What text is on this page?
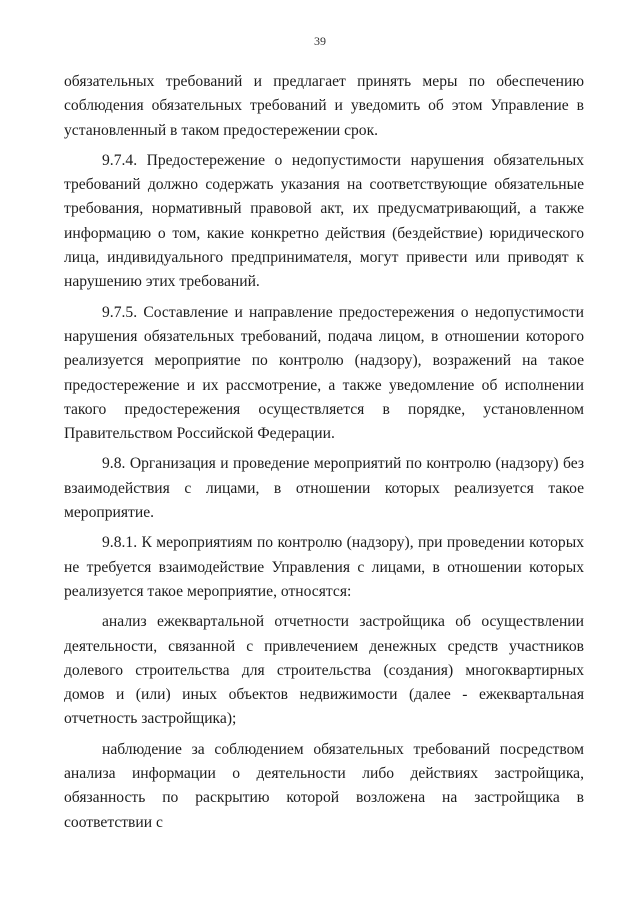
39

обязательных требований и предлагает принять меры по обеспечению соблюдения обязательных требований и уведомить об этом Управление в установленный в таком предостережении срок.

9.7.4. Предостережение о недопустимости нарушения обязательных требований должно содержать указания на соответствующие обязательные требования, нормативный правовой акт, их предусматривающий, а также информацию о том, какие конкретно действия (бездействие) юридического лица, индивидуального предпринимателя, могут привести или приводят к нарушению этих требований.

9.7.5. Составление и направление предостережения о недопустимости нарушения обязательных требований, подача лицом, в отношении которого реализуется мероприятие по контролю (надзору), возражений на такое предостережение и их рассмотрение, а также уведомление об исполнении такого предостережения осуществляется в порядке, установленном Правительством Российской Федерации.

9.8. Организация и проведение мероприятий по контролю (надзору) без взаимодействия с лицами, в отношении которых реализуется такое мероприятие.

9.8.1. К мероприятиям по контролю (надзору), при проведении которых не требуется взаимодействие Управления с лицами, в отношении которых реализуется такое мероприятие, относятся:

анализ ежеквартальной отчетности застройщика об осуществлении деятельности, связанной с привлечением денежных средств участников долевого строительства для строительства (создания) многоквартирных домов и (или) иных объектов недвижимости (далее - ежеквартальная отчетность застройщика);

наблюдение за соблюдением обязательных требований посредством анализа информации о деятельности либо действиях застройщика, обязанность по раскрытию которой возложена на застройщика в соответствии с
